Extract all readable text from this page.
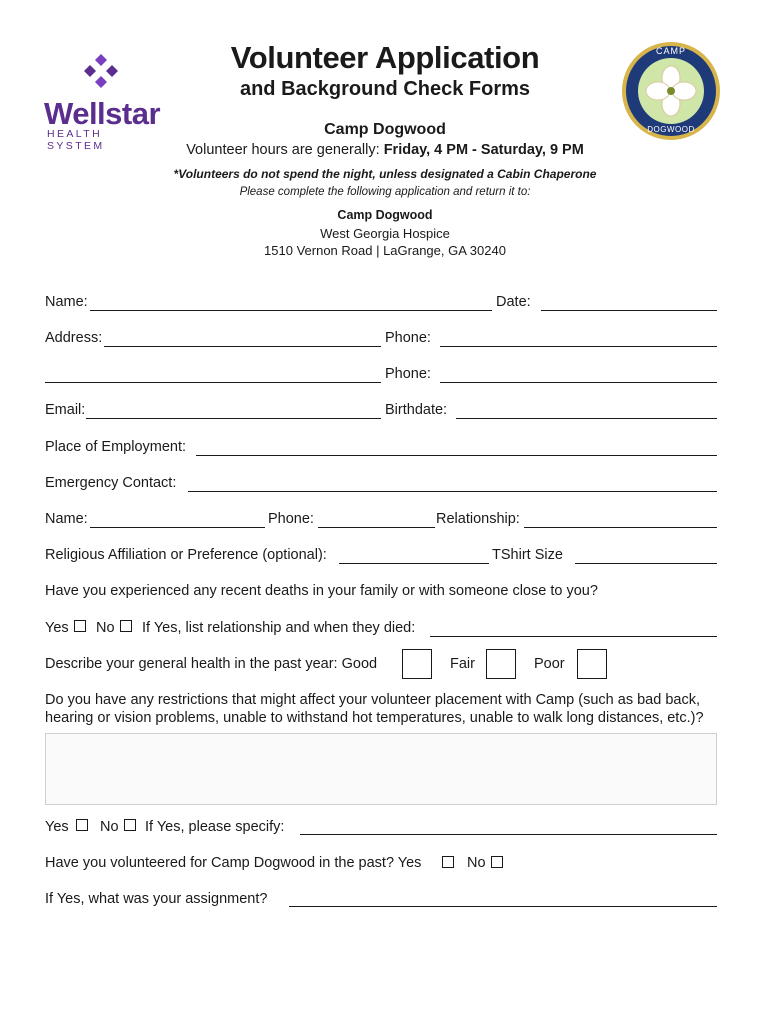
Wellstar
HEALTH SYSTEM
CAMP
DOGWOOD
Volunteer Application
and Background Check Forms
Camp Dogwood
Volunteer hours are generally: Friday, 4 PM - Saturday, 9 PM
*Volunteers do not spend the night, unless designated a Cabin Chaperone
Please complete the following application and return it to:
Camp Dogwood
West Georgia Hospice
1510 Vernon Road | LaGrange, GA 30240
Name:	Date:
Address:	Phone:
Phone:
Email:	Birthdate:
Place of Employment:
Emergency Contact:
Name:	Phone:	Relationship:
Religious Affiliation or Preference (optional):	TShirt Size
Have you experienced any recent deaths in your family or with someone close to you?
Yes No If Yes, list relationship and when they died:
Describe your general health in the past year: Good	Fair	Poor
Do you have any restrictions that might affect your volunteer placement with Camp (such as bad back,
hearing or vision problems, unable to withstand hot temperatures, unable to walk long distances, etc.)?
Yes No If Yes, please specify:
Have you volunteered for Camp Dogwood in the past? Yes	No
If Yes, what was your assignment?
